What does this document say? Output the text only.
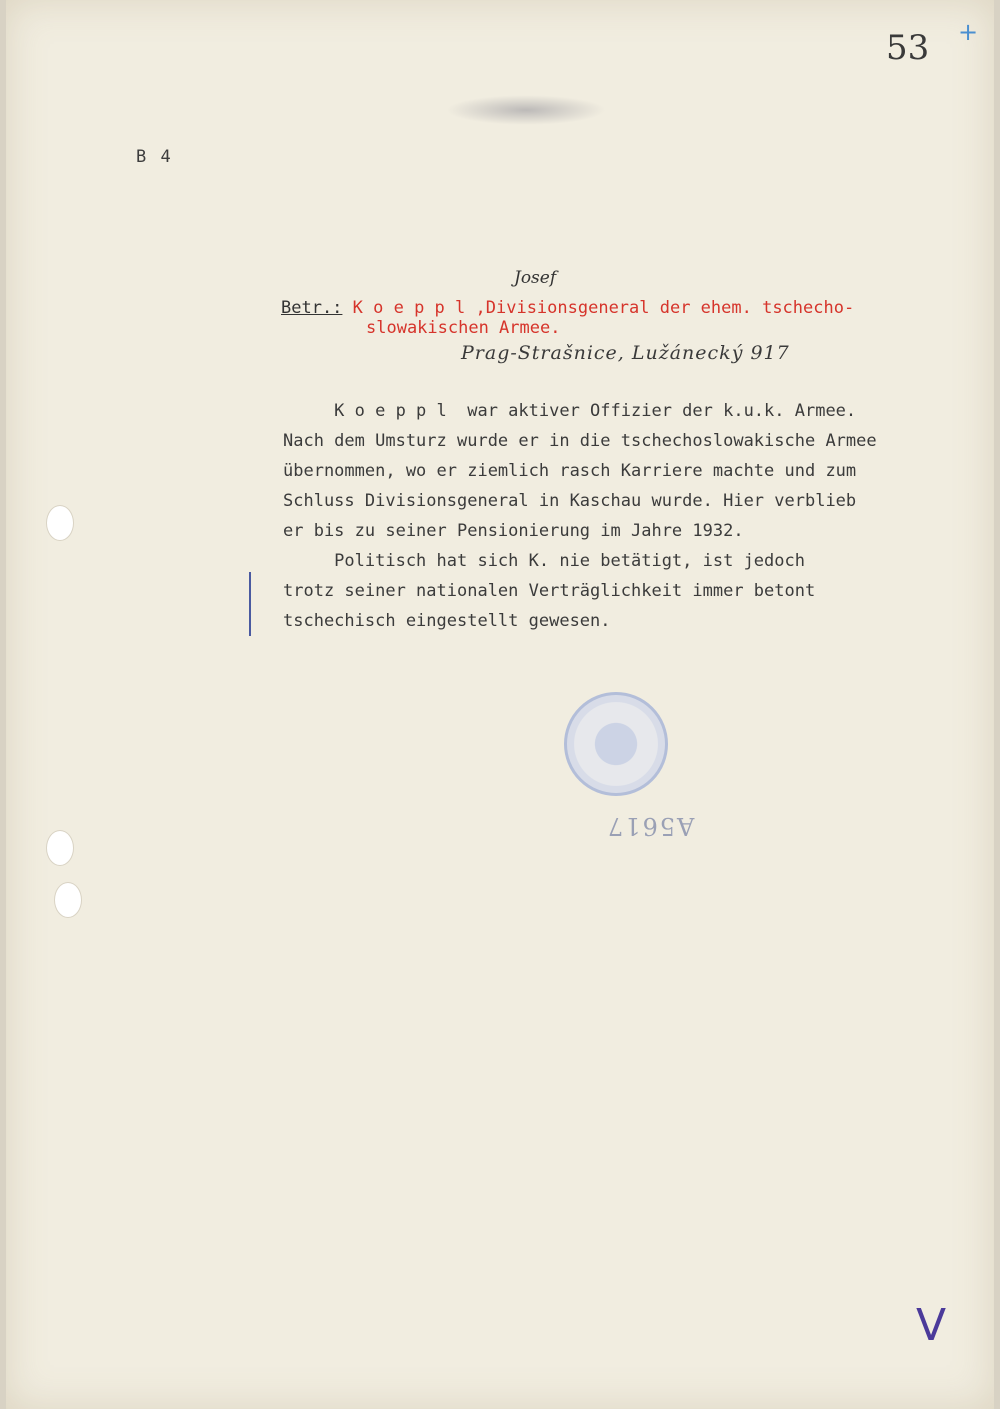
53 +
B 4
Josef
Betr.: K o e p p l ,Divisionsgeneral der ehem. tschecho-
slowakischen Armee.
Prag-Strašnice, Lužánecký 917
K o e p p l  war aktiver Offizier der k.u.k. Armee.
Nach dem Umsturz wurde er in die tschechoslowakische Armee
übernommen, wo er ziemlich rasch Karriere machte und zum
Schluss Divisionsgeneral in Kaschau wurde. Hier verblieb
er bis zu seiner Pensionierung im Jahre 1932.
Politisch hat sich K. nie betätigt, ist jedoch
trotz seiner nationalen Verträglichkeit immer betont
tschechisch eingestellt gewesen.
A5617
V
